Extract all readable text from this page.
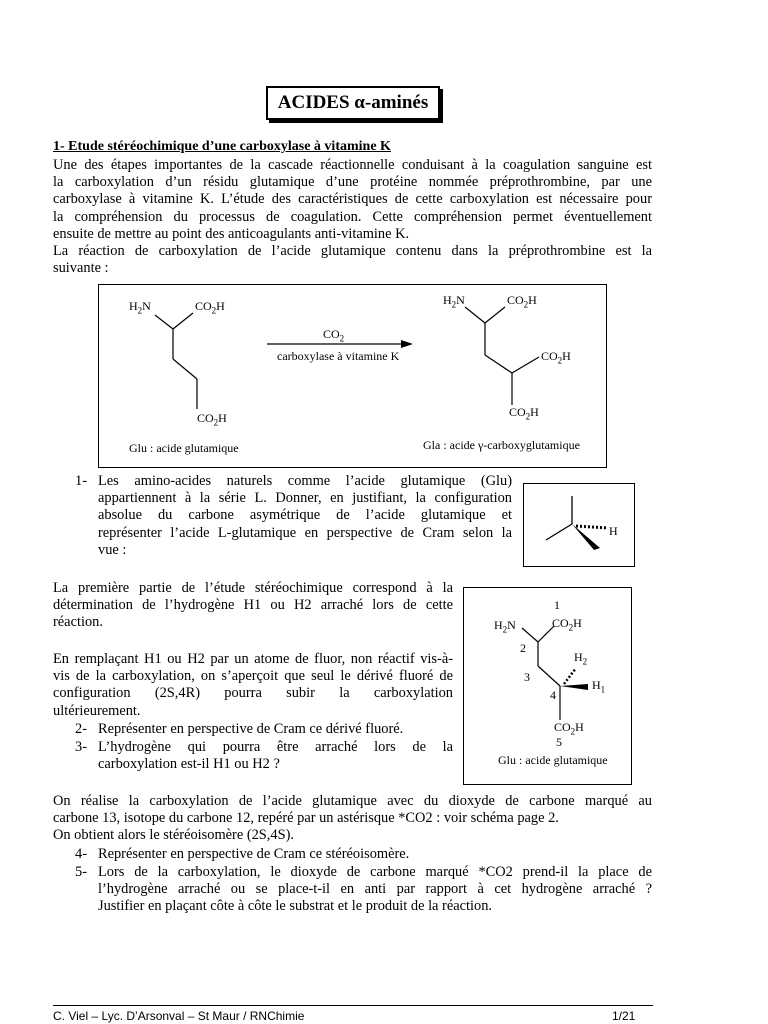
ACIDES α-aminés
1- Etude stéréochimique d’une carboxylase à vitamine K
Une des étapes importantes de la cascade réactionnelle conduisant à la coagulation sanguine est
la carboxylation d’un résidu glutamique d’une protéine nommée préprothrombine, par une
carboxylase à vitamine K. L’étude des caractéristiques de cette carboxylation est nécessaire pour
la compréhension du processus de coagulation. Cette compréhension permet éventuellement
ensuite de mettre au point des anticoagulants anti-vitamine K.
La réaction de carboxylation de l’acide glutamique contenu dans la préprothrombine est la
suivante :
$H_2N$	$CO_2H$
$CO_2H$
Glu : acide glutamique
$CO_2$
carboxylase à vitamine K
$H_2N$	$CO_2H$
$CO_2H$
$CO_2H$
Gla : acide γ-carboxyglutamique
1- Les amino-acides naturels comme l’acide glutamique (Glu)
appartiennent à la série L. Donner, en justifiant, la configuration
absolue du carbone asymétrique de l’acide glutamique et
représenter l’acide L-glutamique en perspective de Cram selon la
vue :
H
La première partie de l’étude stéréochimique correspond à la
détermination de l’hydrogène H1 ou H2 arraché lors de cette
réaction.
En remplaçant H1 ou H2 par un atome de fluor, non réactif vis-à-
vis de la carboxylation, on s’aperçoit que seul le dérivé fluoré de
configuration (2S,4R) pourra subir la carboxylation
ultérieurement.
2- Représenter en perspective de Cram ce dérivé fluoré.
3- L’hydrogène qui pourra être arraché lors de la
carboxylation est-il H1 ou H2 ?
1
$H_2N$	$CO_2H$
2
$H_2$
3
$H_1$
4
$CO_2H$
5
Glu : acide glutamique
On réalise la carboxylation de l’acide glutamique avec du dioxyde de carbone marqué au
carbone 13, isotope du carbone 12, repéré par un astérisque *CO2 : voir schéma page 2.
On obtient alors le stéréoisomère (2S,4S).
4- Représenter en perspective de Cram ce stéréoisomère.
5- Lors de la carboxylation, le dioxyde de carbone marqué *CO2 prend-il la place de
l’hydrogène arraché ou se place-t-il en anti par rapport à cet hydrogène arraché ?
Justifier en plaçant côte à côte le substrat et le produit de la réaction.
C. Viel – Lyc. D’Arsonval – St Maur / RNChimie	1/21
